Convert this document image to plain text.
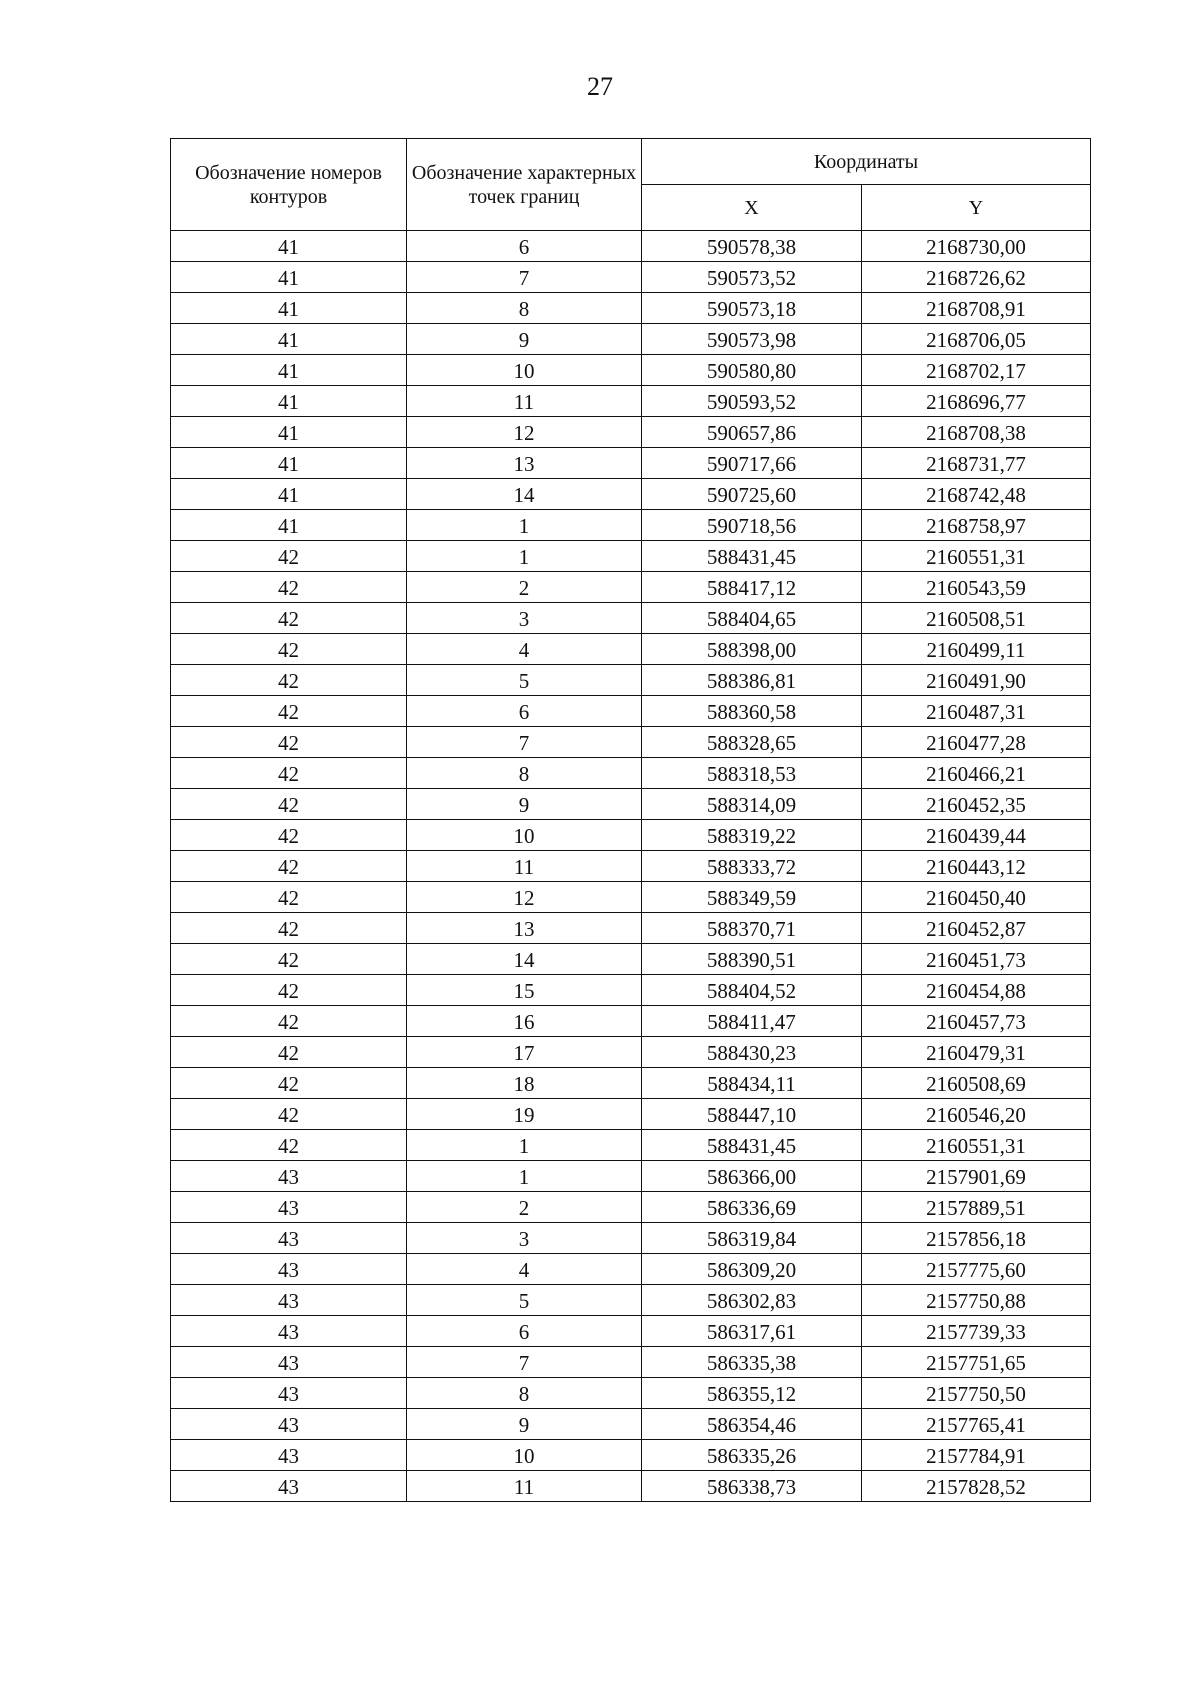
27
Обозначение номеров контуров	Обозначение характерных точек границ	Координаты	
		X	Y
41	6	590578,38	2168730,00
41	7	590573,52	2168726,62
41	8	590573,18	2168708,91
41	9	590573,98	2168706,05
41	10	590580,80	2168702,17
41	11	590593,52	2168696,77
41	12	590657,86	2168708,38
41	13	590717,66	2168731,77
41	14	590725,60	2168742,48
41	1	590718,56	2168758,97
42	1	588431,45	2160551,31
42	2	588417,12	2160543,59
42	3	588404,65	2160508,51
42	4	588398,00	2160499,11
42	5	588386,81	2160491,90
42	6	588360,58	2160487,31
42	7	588328,65	2160477,28
42	8	588318,53	2160466,21
42	9	588314,09	2160452,35
42	10	588319,22	2160439,44
42	11	588333,72	2160443,12
42	12	588349,59	2160450,40
42	13	588370,71	2160452,87
42	14	588390,51	2160451,73
42	15	588404,52	2160454,88
42	16	588411,47	2160457,73
42	17	588430,23	2160479,31
42	18	588434,11	2160508,69
42	19	588447,10	2160546,20
42	1	588431,45	2160551,31
43	1	586366,00	2157901,69
43	2	586336,69	2157889,51
43	3	586319,84	2157856,18
43	4	586309,20	2157775,60
43	5	586302,83	2157750,88
43	6	586317,61	2157739,33
43	7	586335,38	2157751,65
43	8	586355,12	2157750,50
43	9	586354,46	2157765,41
43	10	586335,26	2157784,91
43	11	586338,73	2157828,52
